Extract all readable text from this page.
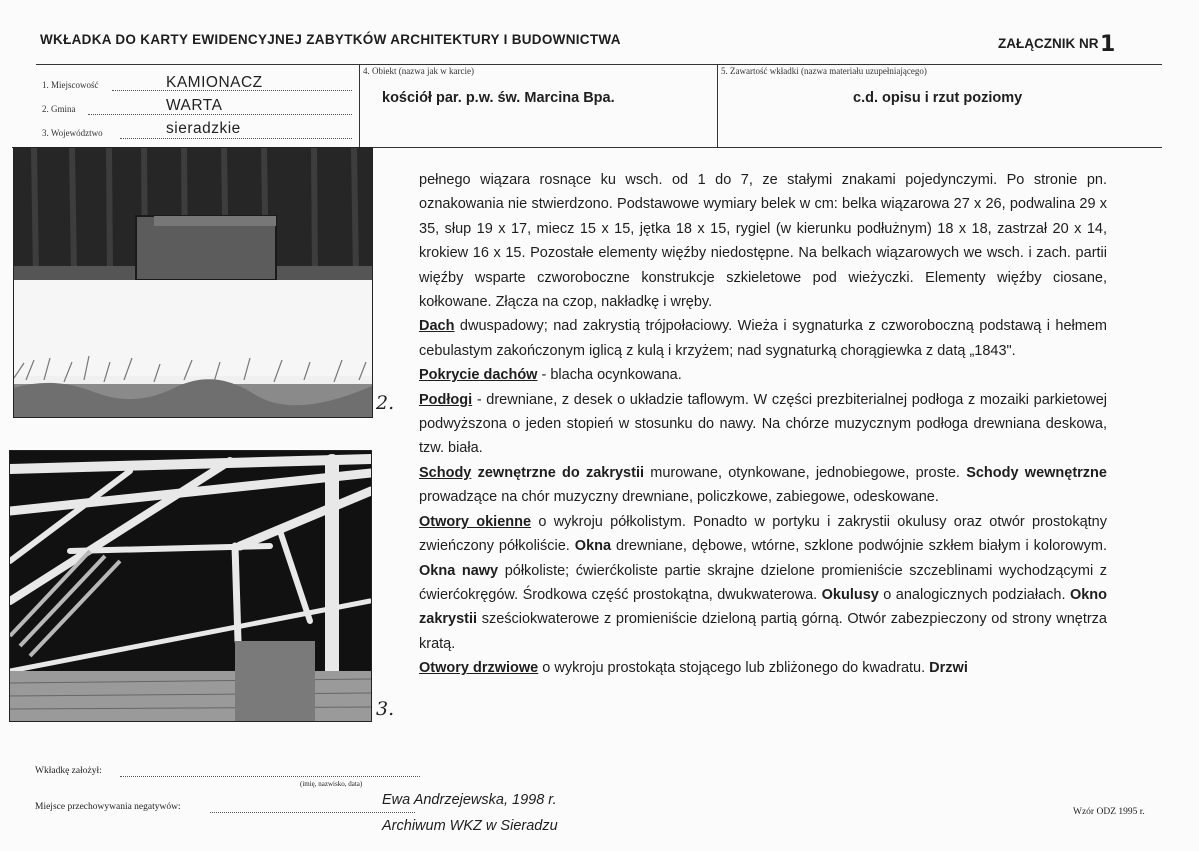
WKŁADKA DO KARTY EWIDENCYJNEJ ZABYTKÓW ARCHITEKTURY I BUDOWNICTWA	ZAŁĄCZNIK NR 1
1. Miejscowość	KAMIONACZ
2. Gmina	WARTA
3. Województwo	sieradzkie
4. Obiekt (nazwa jak w karcie)
kościół par. p.w. św. Marcina Bpa.
5. Zawartość wkładki (nazwa materiału uzupełniającego)
c.d. opisu i rzut poziomy
2.
3.

pełnego wiązara rosnące ku wsch. od 1 do 7, ze stałymi znakami pojedynczymi. Po stronie pn. oznakowania nie stwierdzono. Podstawowe wymiary belek w cm: belka wiązarowa 27 x 26, podwalina 29 x 35, słup 19 x 17, miecz 15 x 15, jętka 18 x 15, rygiel (w kierunku podłużnym) 18 x 18, zastrzał 20 x 14, krokiew 16 x 15. Pozostałe elementy więźby niedostępne. Na belkach wiązarowych we wsch. i zach. partii więźby wsparte czworoboczne konstrukcje szkieletowe pod wieżyczki. Elementy więźby ciosane, kołkowane. Złącza na czop, nakładkę i wręby.

Dach dwuspadowy; nad zakrystią trójpołaciowy. Wieża i sygnaturka z czworoboczną podstawą i hełmem cebulastym zakończonym iglicą z kulą i krzyżem; nad sygnaturką chorągiewka z datą „1843".

Pokrycie dachów - blacha ocynkowana.

Podłogi - drewniane, z desek o układzie taflowym. W części prezbiterialnej podłoga z mozaiki parkietowej podwyższona o jeden stopień w stosunku do nawy. Na chórze muzycznym podłoga drewniana deskowa, tzw. biała.

Schody zewnętrzne do zakrystii murowane, otynkowane, jednobiegowe, proste. Schody wewnętrzne prowadzące na chór muzyczny drewniane, policzkowe, zabiegowe, odeskowane.

Otwory okienne o wykroju półkolistym. Ponadto w portyku i zakrystii okulusy oraz otwór prostokątny zwieńczony półkoliście. Okna drewniane, dębowe, wtórne, szklone podwójnie szkłem białym i kolorowym. Okna nawy półkoliste; ćwierćkoliste partie skrajne dzielone promieniście szczeblinami wychodzącymi z ćwierćokręgów. Środkowa część prostokątna, dwukwaterowa. Okulusy o analogicznych podziałach. Okno zakrystii sześciokwaterowe z promieniście dzieloną partią górną. Otwór zabezpieczony od strony wnętrza kratą.

Otwory drzwiowe o wykroju prostokąta stojącego lub zbliżonego do kwadratu. Drzwi

Wkładkę założył:
(imię, nazwisko, data)
Ewa Andrzejewska, 1998 r.
Miejsce przechowywania negatywów:
Archiwum WKZ w Sieradzu
Wzór ODZ 1995 r.
